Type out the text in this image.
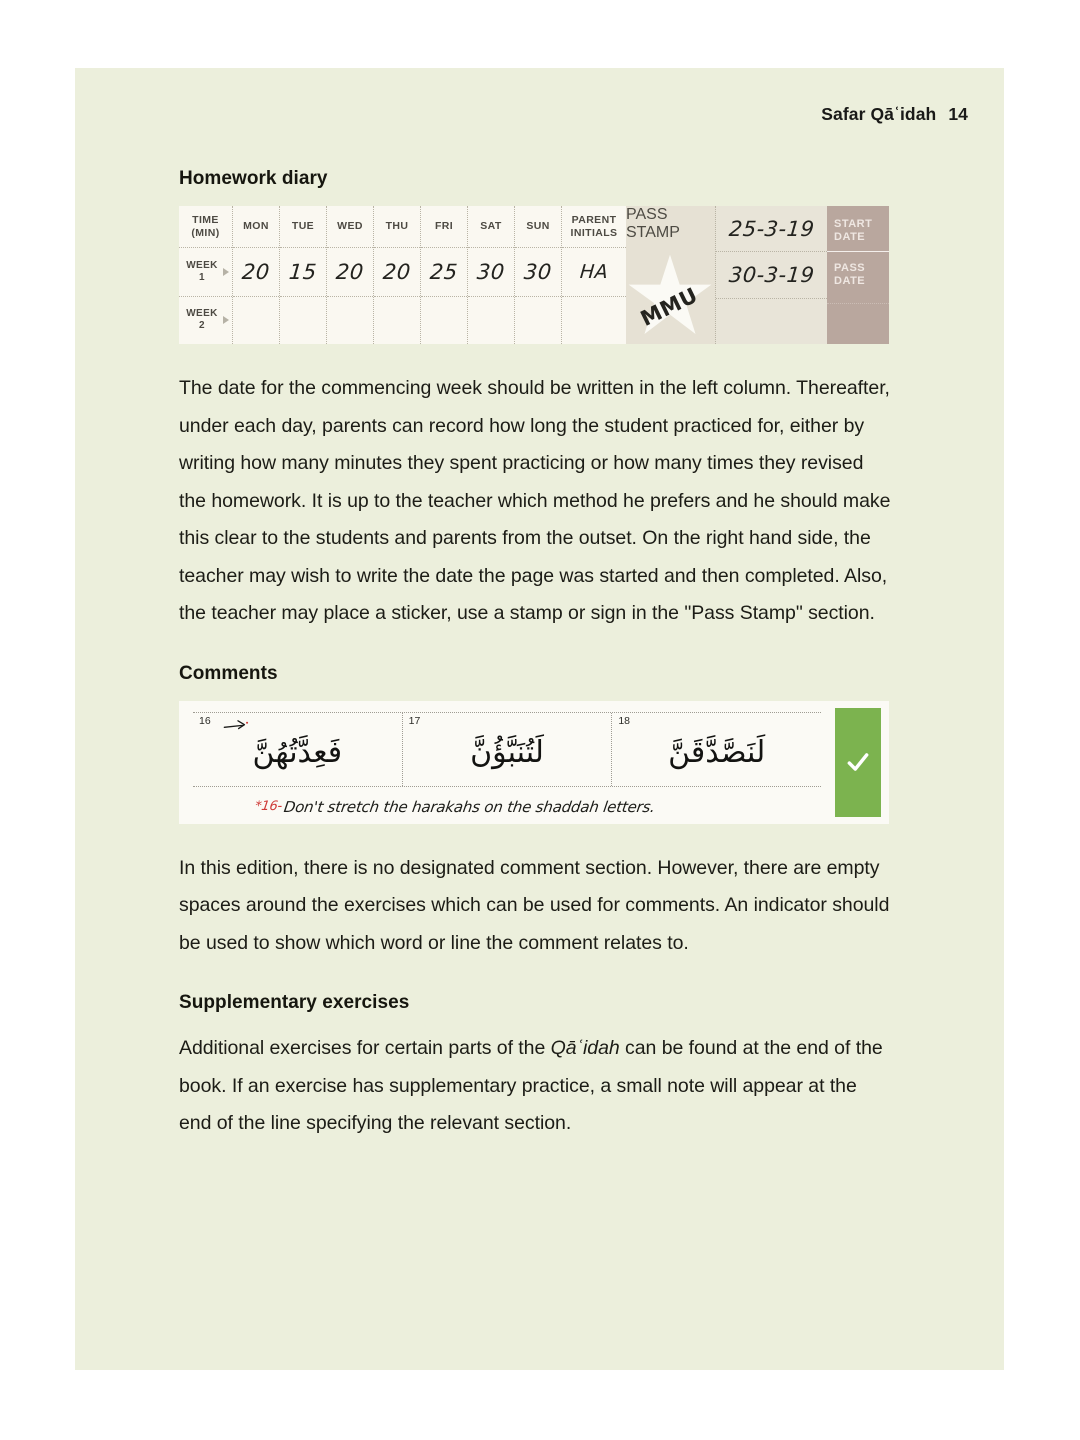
Safar Qāʿidah 14
Homework diary
TIME
(MIN)
WEEK
1
WEEK
2
MON
20
TUE
15
WED
20
THU
20
FRI
25
SAT
30
SUN
30
PARENT
INITIALS
HA
PASS
STAMP
MMU
25-3-19
30-3-19
START
DATE
PASS
DATE

The date for the commencing week should be written in the left column. Thereafter, under each day, parents can record how long the student practiced for, either by writing how many minutes they spent practicing or how many times they revised the homework. It is up to the teacher which method he prefers and he should make this clear to the students and parents from the outset. On the right hand side, the teacher may wish to write the date the page was started and then completed. Also, the teacher may place a sticker, use a stamp or sign in the "Pass Stamp" section.

Comments
18
لَنَصَّدَّقَنَّ
17
لَتُنَبَّؤُنَّ
16
فَعِدَّتُهُنَّ
*16-Don't stretch the harakahs on the shaddah letters.

In this edition, there is no designated comment section. However, there are empty spaces around the exercises which can be used for comments. An indicator should be used to show which word or line the comment relates to.

Supplementary exercises

Additional exercises for certain parts of the Qāʿidah can be found at the end of the book. If an exercise has supplementary practice, a small note will appear at the end of the line specifying the relevant section.
